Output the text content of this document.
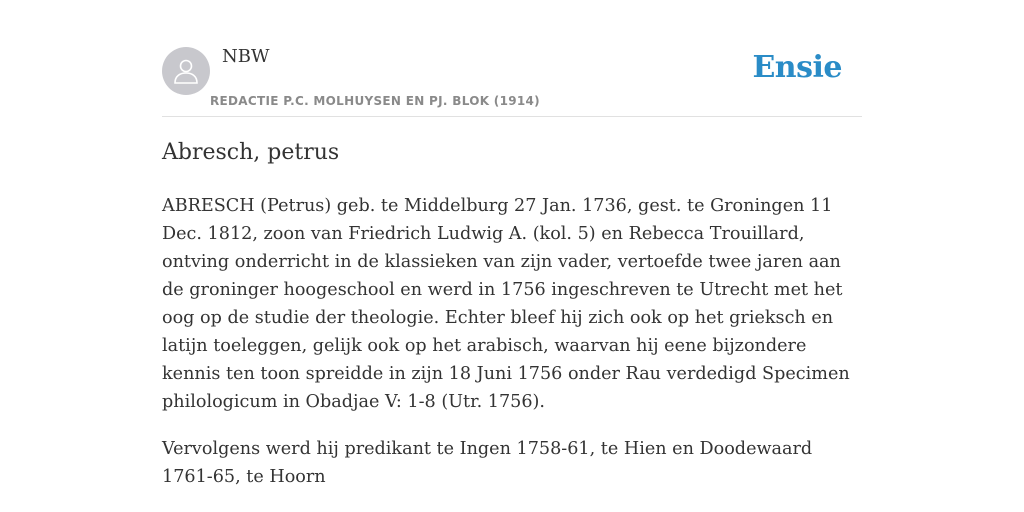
NBW
REDACTIE P.C. MOLHUYSEN EN PJ. BLOK (1914)
Ensie
Abresch, petrus

ABRESCH (Petrus) geb. te Middelburg 27 Jan. 1736, gest. te Groningen 11 Dec. 1812, zoon van Friedrich Ludwig A. (kol. 5) en Rebecca Trouillard, ontving onderricht in de klassieken van zijn vader, vertoefde twee jaren aan de groninger hoogeschool en werd in 1756 ingeschreven te Utrecht met het oog op de studie der theologie. Echter bleef hij zich ook op het grieksch en latijn toeleggen, gelijk ook op het arabisch, waarvan hij eene bijzondere kennis ten toon spreidde in zijn 18 Juni 1756 onder Rau verdedigd Specimen philologicum in Obadjae V: 1-8 (Utr. 1756).

Vervolgens werd hij predikant te Ingen 1758-61, te Hien en Doodewaard 1761-65, te Hoorn
